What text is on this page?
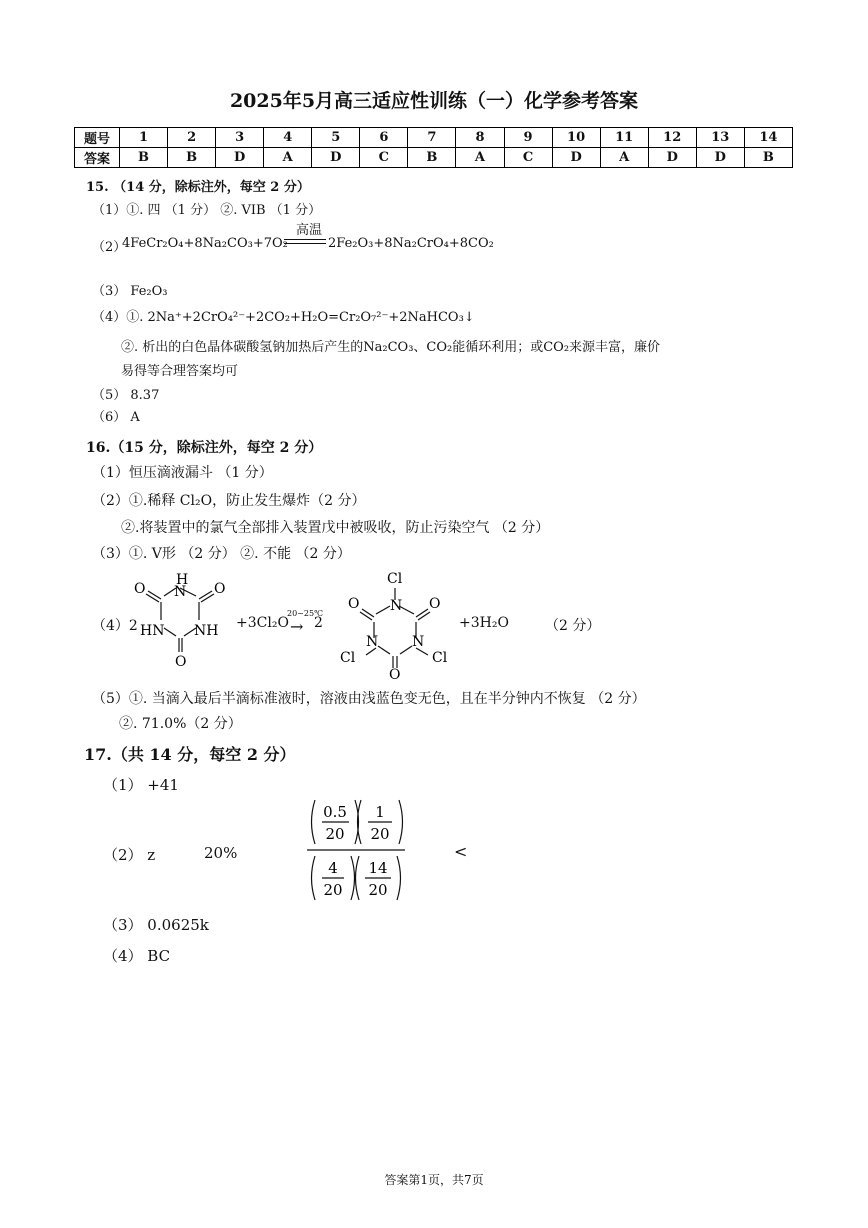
2025年5月高三适应性训练（一）化学参考答案
题号	1	2	3	4	5	6	7	8	9	10	11	12	13	14
答案	B	B	D	A	D	C	B	A	C	D	A	D	D	B
15. （14 分，除标注外，每空 2 分）
（1）①. 四 （1 分） ②. VIB （1 分）
（2）
4FeCr₂O₄+8Na₂CO₃+7O₂
高温
2Fe₂O₃+8Na₂CrO₄+8CO₂
（3） Fe₂O₃
（4）①. 2Na⁺+2CrO₄²⁻+2CO₂+H₂O=Cr₂O₇²⁻+2NaHCO₃↓
②. 析出的白色晶体碳酸氢钠加热后产生的Na₂CO₃、CO₂能循环利用；或CO₂来源丰富，廉价
易得等合理答案均可
（5） 8.37
（6） A
16.（15 分，除标注外，每空 2 分）
（1）恒压滴液漏斗 （1 分）
（2）①.稀释 Cl₂O，防止发生爆炸（2 分）
②.将装置中的氯气全部排入装置戊中被吸收，防止污染空气 （2 分）
（3）①. V形 （2 分） ②. 不能 （2 分）
（4）2
H
N O
O
HN NH
O
+3Cl₂O
20~25℃
→ 2
Cl
N O
O
N N
Cl	Cl
O
+3H₂O	（2 分）
（5）①. 当滴入最后半滴标准液时，溶液由浅蓝色变无色，且在半分钟内不恢复 （2 分）
②. 71.0%（2 分）
17.（共 14 分，每空 2 分）
（1） +41
（2） z	20%
0.5
20
1
20
4
20
14
20
<
（3） 0.0625k
（4） BC
答案第1页，共7页
